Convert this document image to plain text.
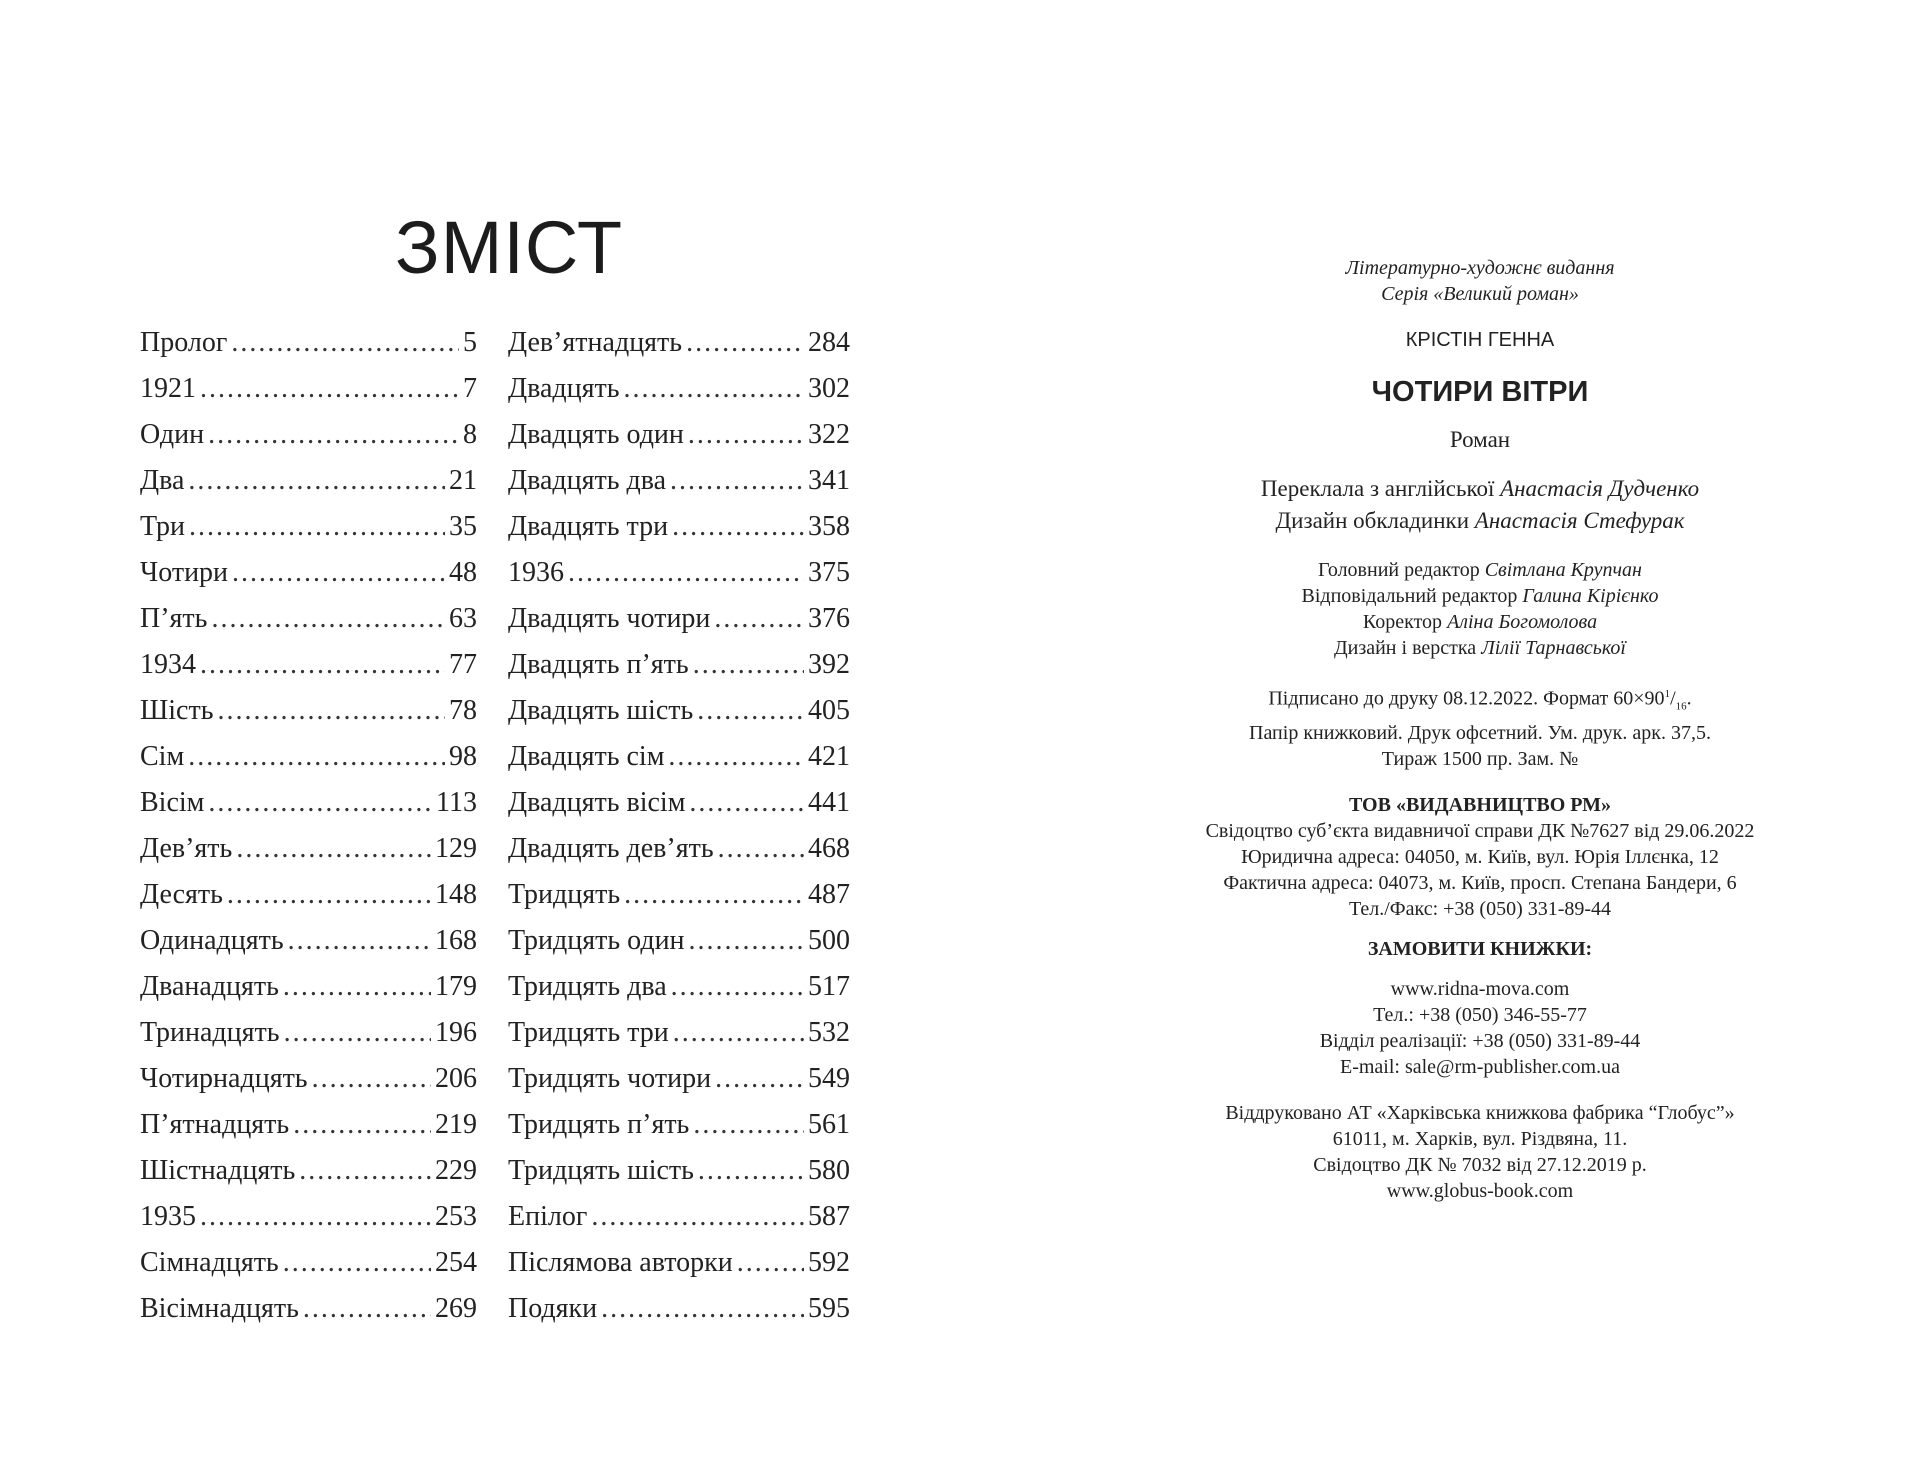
ЗМІСТ
Пролог .....	5
1921 .....	7
Один .....	8
Два .....	21
Три .....	35
Чотири .....	48
П’ять .....	63
1934 .....	77
Шість .....	78
Сім .....	98
Вісім .....	113
Дев’ять .....	129
Десять .....	148
Одинадцять .....	168
Дванадцять .....	179
Тринадцять .....	196
Чотирнадцять .....	206
П’ятнадцять .....	219
Шістнадцять .....	229
1935 .....	253
Сімнадцять .....	254
Вісімнадцять .....	269
Дев’ятнадцять .....	284
Двадцять .....	302
Двадцять один .....	322
Двадцять два .....	341
Двадцять три .....	358
1936 .....	375
Двадцять чотири .....	376
Двадцять п’ять .....	392
Двадцять шість .....	405
Двадцять сім .....	421
Двадцять вісім .....	441
Двадцять дев’ять .....	468
Тридцять .....	487
Тридцять один .....	500
Тридцять два .....	517
Тридцять три .....	532
Тридцять чотири .....	549
Тридцять п’ять .....	561
Тридцять шість .....	580
Епілог .....	587
Післямова авторки .....	592
Подяки .....	595

Літературно-художнє видання

Серія «Великий роман»

КРІСТІН ГЕННА

ЧОТИРИ ВІТРИ

Роман

Переклала з англійської Анастасія Дудченко

Дизайн обкладинки Анастасія Стефурак

Головний редактор Світлана Крупчан

Відповідальний редактор Галина Кірієнко

Коректор Аліна Богомолова

Дизайн і верстка Лілії Тарнавської

Підписано до друку 08.12.2022. Формат $60\times 90^1/_{16}$.

Папір книжковий. Друк офсетний. Ум. друк. арк. 37,5.

Тираж 1500 пр. Зам. №

ТОВ «ВИДАВНИЦТВО РМ»

Свідоцтво суб’єкта видавничої справи ДК №7627 від 29.06.2022

Юридична адреса: 04050, м. Київ, вул. Юрія Іллєнка, 12

Фактична адреса: 04073, м. Київ, просп. Степана Бандери, 6

Тел./Факс: +38 (050) 331-89-44

ЗАМОВИТИ КНИЖКИ:

www.ridna-mova.com

Тел.: +38 (050) 346-55-77

Відділ реалізації: +38 (050) 331-89-44

E-mail: sale@rm-publisher.com.ua

Віддруковано АТ «Харківська книжкова фабрика “Глобус”»

61011, м. Харків, вул. Різдвяна, 11.

Свідоцтво ДК № 7032 від 27.12.2019 р.

www.globus-book.com
